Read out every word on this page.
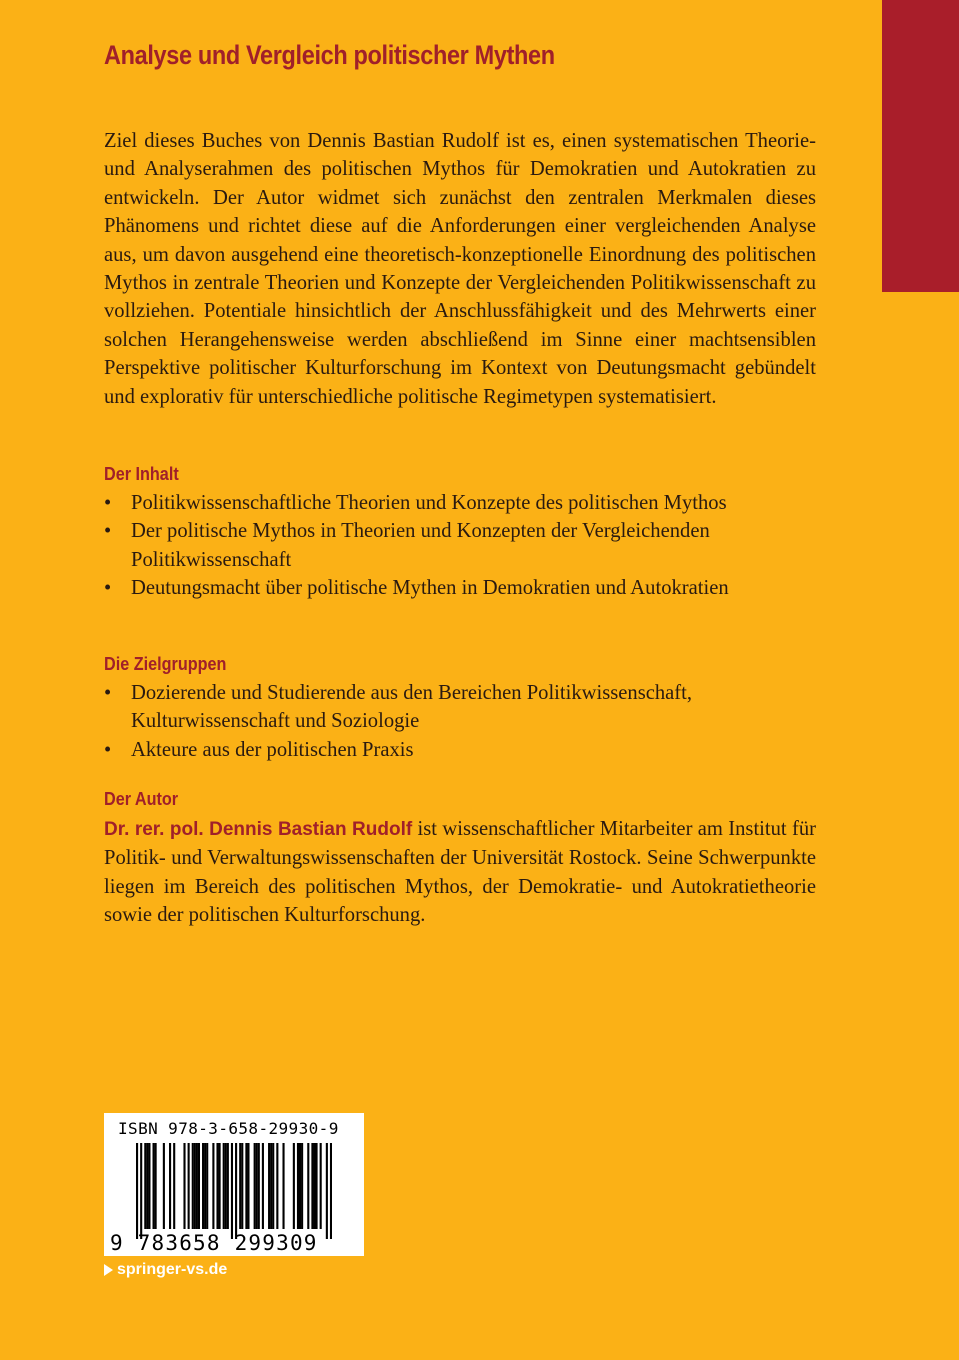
Analyse und Vergleich politischer Mythen
Ziel dieses Buches von Dennis Bastian Rudolf ist es, einen systematischen Theorie- und Analyserahmen des politischen Mythos für Demokratien und Autokratien zu entwickeln. Der Autor widmet sich zunächst den zentralen Merkmalen dieses Phänomens und richtet diese auf die Anforderungen einer vergleichenden Analyse aus, um davon ausgehend eine theoretisch-konzeptionelle Einordnung des politischen Mythos in zentrale Theorien und Konzepte der Vergleichenden Politikwissenschaft zu vollziehen. Potentiale hinsichtlich der Anschlussfähigkeit und des Mehrwerts einer solchen Herangehensweise werden abschließend im Sinne einer machtsensiblen Perspektive politischer Kulturforschung im Kontext von Deutungsmacht gebündelt und explorativ für unterschiedliche politische Regimetypen systematisiert.
Der Inhalt
• Politikwissenschaftliche Theorien und Konzepte des politischen Mythos
• Der politische Mythos in Theorien und Konzepten der Vergleichenden Politikwissenschaft
• Deutungsmacht über politische Mythen in Demokratien und Autokratien
Die Zielgruppen
• Dozierende und Studierende aus den Bereichen Politikwissenschaft, Kulturwissenschaft und Soziologie
• Akteure aus der politischen Praxis
Der Autor
Dr. rer. pol. Dennis Bastian Rudolf ist wissenschaftlicher Mitarbeiter am Institut für Politik- und Verwaltungswissenschaften der Universität Rostock. Seine Schwerpunkte liegen im Bereich des politischen Mythos, der Demokratie- und Autokratietheorie sowie der politischen Kulturforschung.
ISBN 978-3-658-29930-9
9 783658 299309
springer-vs.de
